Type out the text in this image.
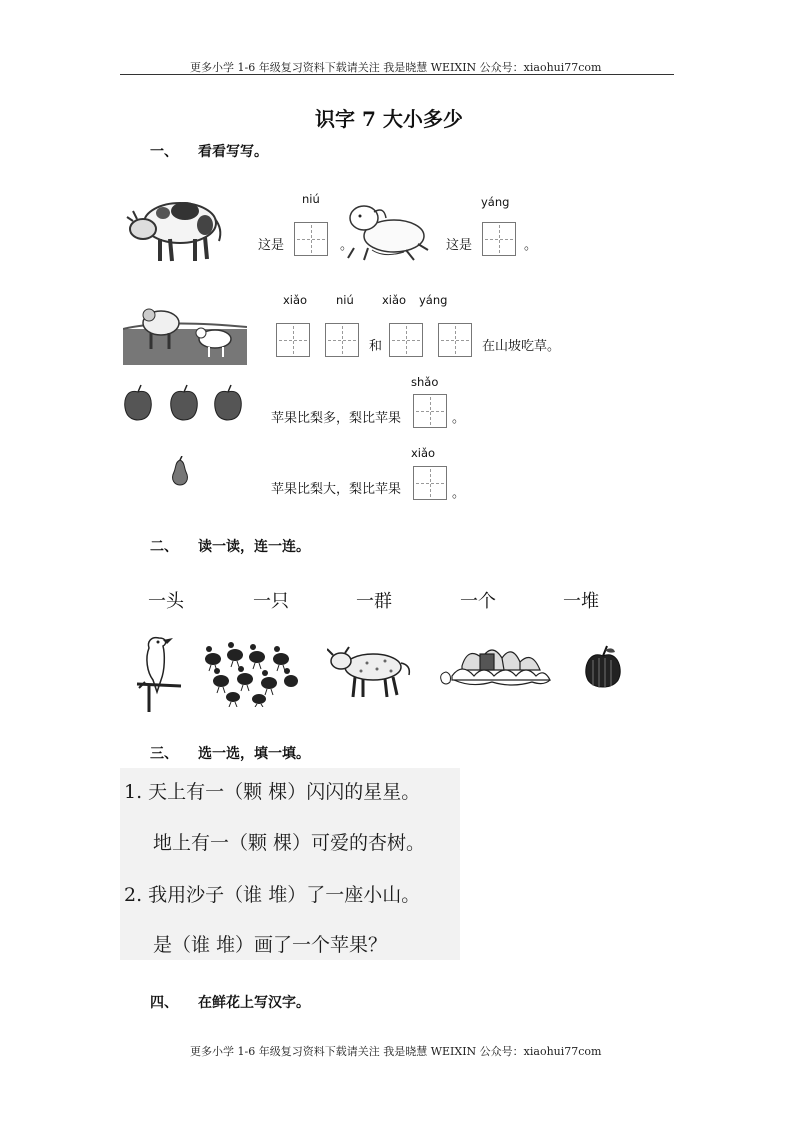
更多小学 1-6 年级复习资料下载请关注 我是晓慧 WEIXIN 公众号：xiaohui77com
识字 7 大小多少
一、 看看写写。
这是
niú
。	这是
yáng
。
xiǎo	niú xiǎo yáng
和	在山坡吃草。
shǎo
苹果比梨多，梨比苹果	。
xiǎo
苹果比梨大，梨比苹果	。
二、 读一读，连一连。
一头	一只	一群	一个	一堆
三、 选一选，填一填。
1. 天上有一（颗 棵）闪闪的星星。
地上有一（颗 棵）可爱的杏树。
2. 我用沙子（谁 堆）了一座小山。
是（谁 堆）画了一个苹果？
四、 在鲜花上写汉字。
更多小学 1-6 年级复习资料下载请关注 我是晓慧 WEIXIN 公众号：xiaohui77com
